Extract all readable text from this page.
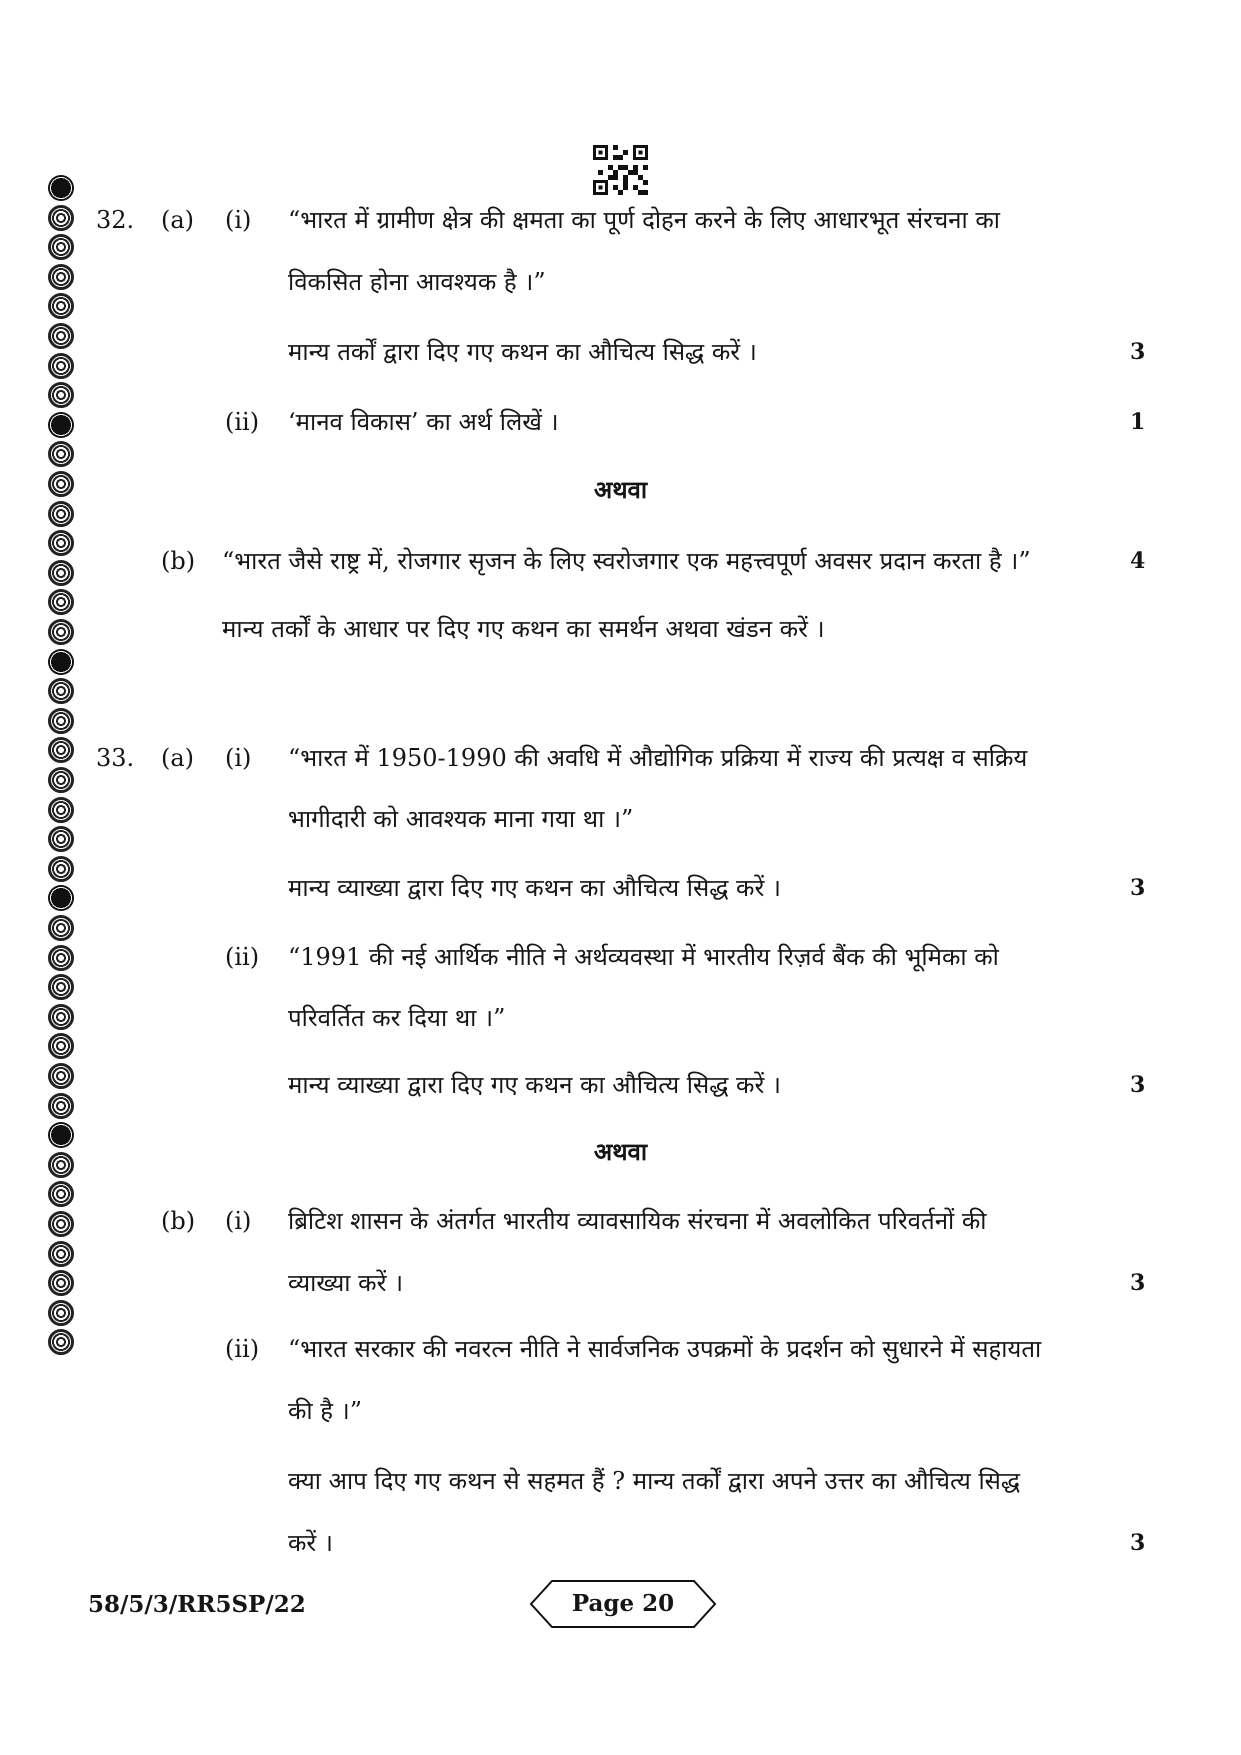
32. (a) (i) “भारत में ग्रामीण क्षेत्र की क्षमता का पूर्ण दोहन करने के लिए आधारभूत संरचना का
विकसित होना आवश्यक है ।”
मान्य तर्कों द्वारा दिए गए कथन का औचित्य सिद्ध करें ।	3
(ii) ‘मानव विकास’ का अर्थ लिखें ।	1
अथवा
(b) “भारत जैसे राष्ट्र में, रोजगार सृजन के लिए स्वरोजगार एक महत्त्वपूर्ण अवसर प्रदान करता है ।”	4
मान्य तर्कों के आधार पर दिए गए कथन का समर्थन अथवा खंडन करें ।
33. (a) (i) “भारत में 1950-1990 की अवधि में औद्योगिक प्रक्रिया में राज्य की प्रत्यक्ष व सक्रिय
भागीदारी को आवश्यक माना गया था ।”
मान्य व्याख्या द्वारा दिए गए कथन का औचित्य सिद्ध करें ।	3
(ii) “1991 की नई आर्थिक नीति ने अर्थव्यवस्था में भारतीय रिज़र्व बैंक की भूमिका को
परिवर्तित कर दिया था ।”
मान्य व्याख्या द्वारा दिए गए कथन का औचित्य सिद्ध करें ।	3
अथवा
(b) (i) ब्रिटिश शासन के अंतर्गत भारतीय व्यावसायिक संरचना में अवलोकित परिवर्तनों की
व्याख्या करें ।	3
(ii) “भारत सरकार की नवरत्न नीति ने सार्वजनिक उपक्रमों के प्रदर्शन को सुधारने में सहायता
की है ।”
क्या आप दिए गए कथन से सहमत हैं ? मान्य तर्कों द्वारा अपने उत्तर का औचित्य सिद्ध
करें ।	3
58/5/3/RR5SP/22	Page 20
